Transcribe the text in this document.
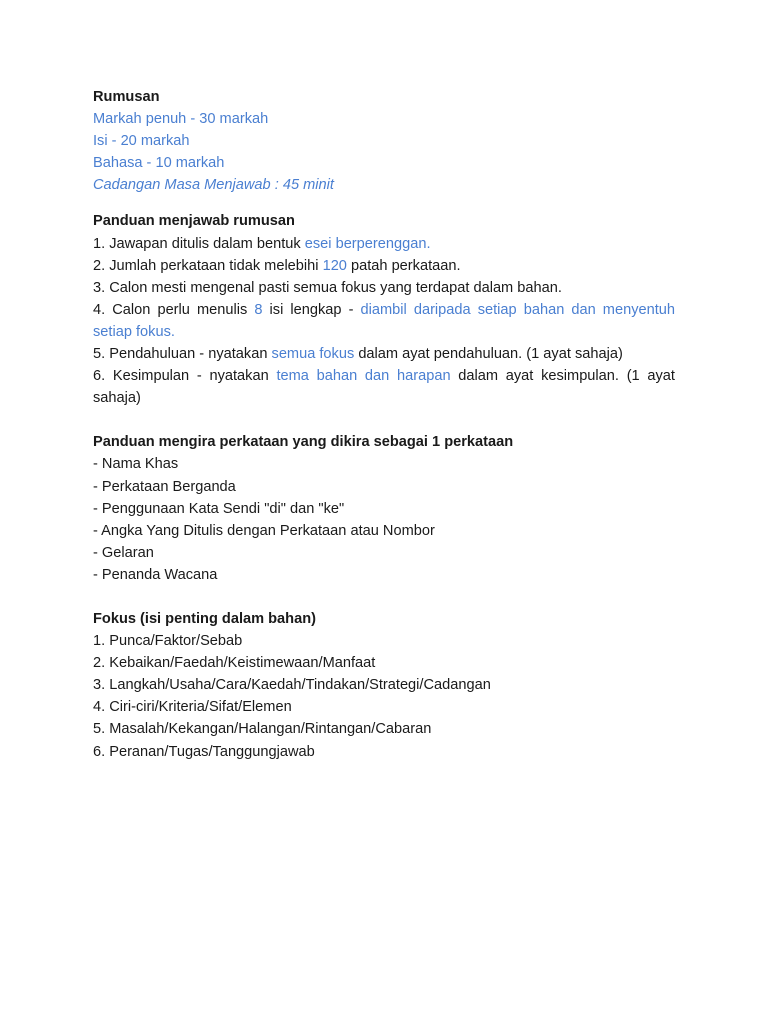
Rumusan
Markah penuh - 30 markah
Isi - 20 markah
Bahasa - 10 markah
Cadangan Masa Menjawab : 45 minit
Panduan menjawab rumusan
1. Jawapan ditulis dalam bentuk esei berperenggan.
2. Jumlah perkataan tidak melebihi 120 patah perkataan.
3. Calon mesti mengenal pasti semua fokus yang terdapat dalam bahan.
4. Calon perlu menulis 8 isi lengkap - diambil daripada setiap bahan dan menyentuh setiap fokus.
5. Pendahuluan - nyatakan semua fokus dalam ayat pendahuluan. (1 ayat sahaja)
6. Kesimpulan - nyatakan tema bahan dan harapan dalam ayat kesimpulan. (1 ayat sahaja)
Panduan mengira perkataan yang dikira sebagai 1 perkataan
- Nama Khas
- Perkataan Berganda
- Penggunaan Kata Sendi "di" dan "ke"
- Angka Yang Ditulis dengan Perkataan atau Nombor
- Gelaran
- Penanda Wacana
Fokus (isi penting dalam bahan)
1. Punca/Faktor/Sebab
2. Kebaikan/Faedah/Keistimewaan/Manfaat
3. Langkah/Usaha/Cara/Kaedah/Tindakan/Strategi/Cadangan
4. Ciri-ciri/Kriteria/Sifat/Elemen
5. Masalah/Kekangan/Halangan/Rintangan/Cabaran
6. Peranan/Tugas/Tanggungjawab
